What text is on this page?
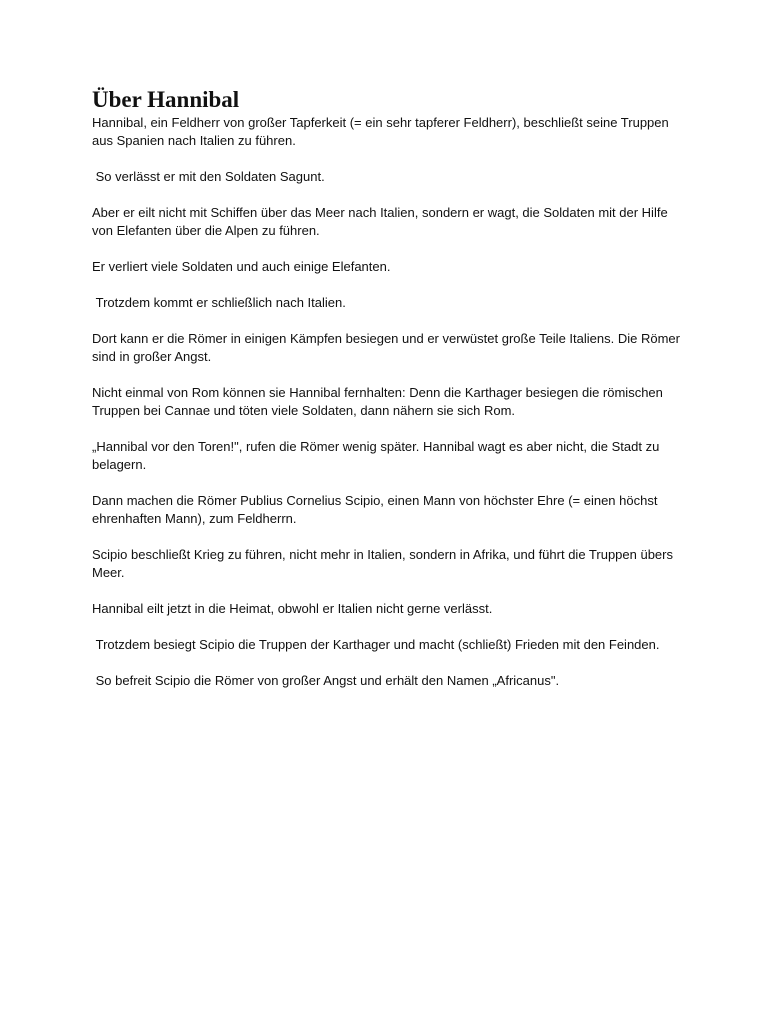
Über Hannibal

Hannibal, ein Feldherr von großer Tapferkeit (= ein sehr tapferer Feldherr), beschließt seine Truppen aus Spanien nach Italien zu führen.

So verlässt er mit den Soldaten Sagunt.

Aber er eilt nicht mit Schiffen über das Meer nach Italien, sondern er wagt, die Soldaten mit der Hilfe von Elefanten über die Alpen zu führen.

Er verliert viele Soldaten und auch einige Elefanten.

Trotzdem kommt er schließlich nach Italien.

Dort kann er die Römer in einigen Kämpfen besiegen und er verwüstet große Teile Italiens. Die Römer sind in großer Angst.

Nicht einmal von Rom können sie Hannibal fernhalten: Denn die Karthager besiegen die römischen Truppen bei Cannae und töten viele Soldaten, dann nähern sie sich Rom.

„Hannibal vor den Toren!", rufen die Römer wenig später. Hannibal wagt es aber nicht, die Stadt zu belagern.

Dann machen die Römer Publius Cornelius Scipio, einen Mann von höchster Ehre (= einen höchst ehrenhaften Mann), zum Feldherrn.

Scipio beschließt Krieg zu führen, nicht mehr in Italien, sondern in Afrika, und führt die Truppen übers Meer.

Hannibal eilt jetzt in die Heimat, obwohl er Italien nicht gerne verlässt.

Trotzdem besiegt Scipio die Truppen der Karthager und macht (schließt) Frieden mit den Feinden.

So befreit Scipio die Römer von großer Angst und erhält den Namen „Africanus".
